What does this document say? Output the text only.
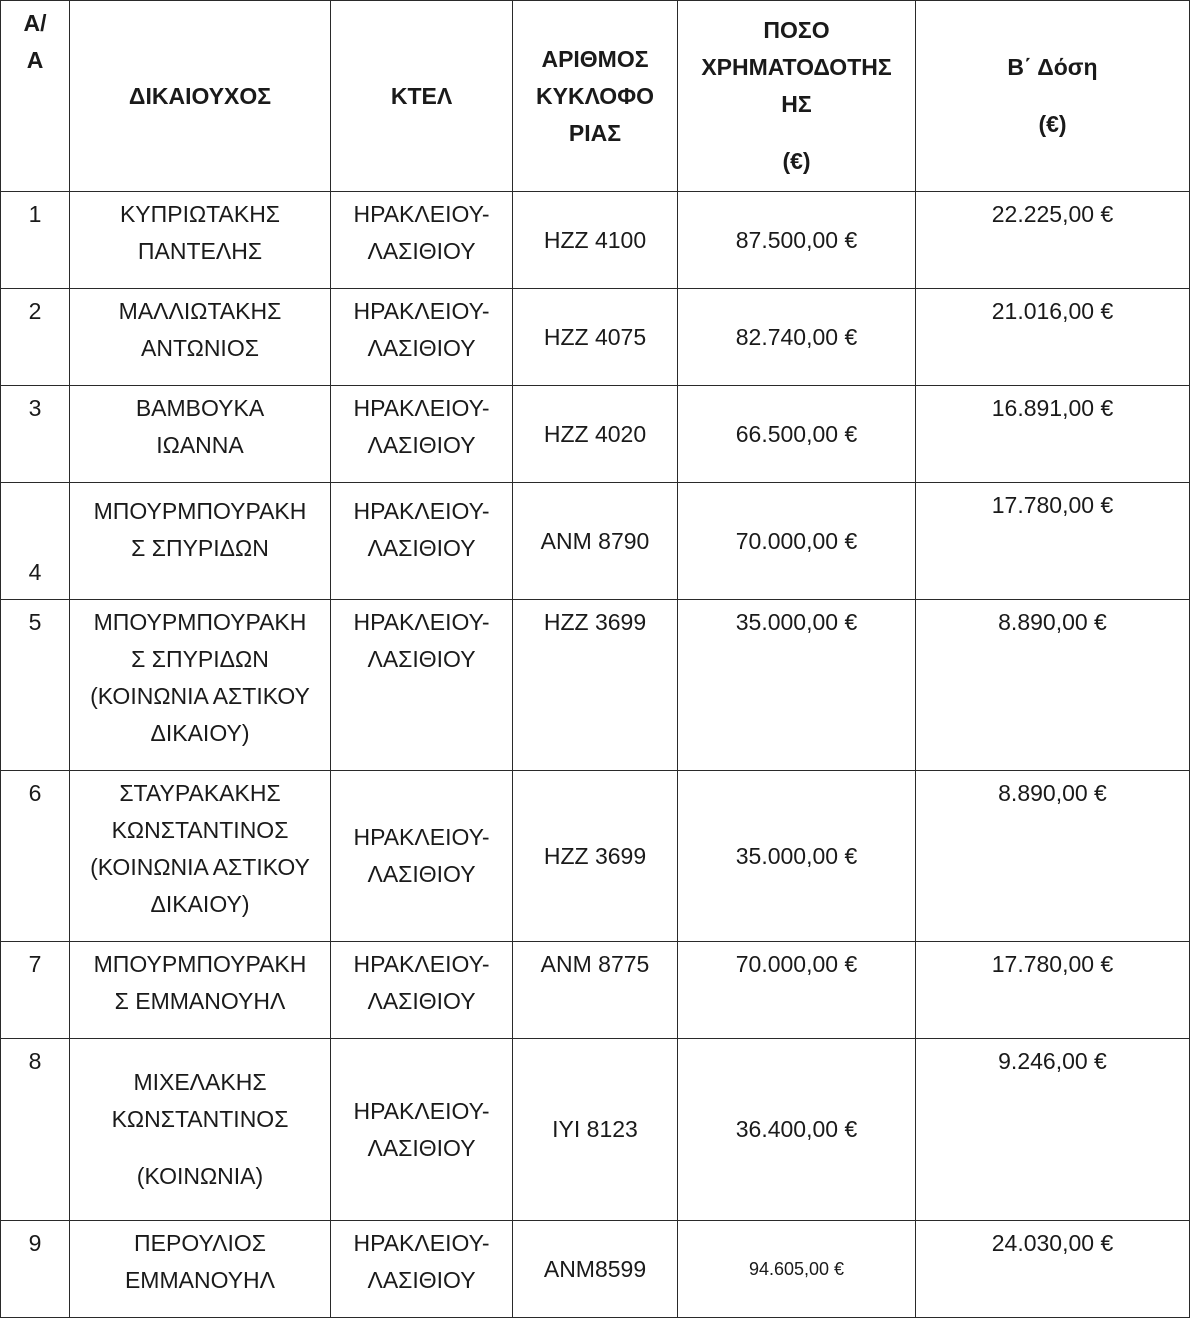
Α/
Α	ΔΙΚΑΙΟΥΧΟΣ	ΚΤΕΛ	ΑΡΙΘΜΟΣ
ΚΥΚΛΟΦΟ
ΡΙΑΣ	ΠΟΣΟ
ΧΡΗΜΑΤΟΔΟΤΗΣ
ΗΣ
(€)	Β΄ Δόση
(€)

1	ΚΥΠΡΙΩΤΑΚΗΣ
ΠΑΝΤΕΛΗΣ	ΗΡΑΚΛΕΙΟΥ-
ΛΑΣΙΘΙΟΥ	ΗΖΖ 4100	87.500,00 €	22.225,00 €
2	ΜΑΛΛΙΩΤΑΚΗΣ
ΑΝΤΩΝΙΟΣ	ΗΡΑΚΛΕΙΟΥ-
ΛΑΣΙΘΙΟΥ	ΗΖΖ 4075	82.740,00 €	21.016,00 €
3	ΒΑΜΒΟΥΚΑ
ΙΩΑΝΝΑ	ΗΡΑΚΛΕΙΟΥ-
ΛΑΣΙΘΙΟΥ	ΗΖΖ 4020	66.500,00 €	16.891,00 €
4	ΜΠΟΥΡΜΠΟΥΡΑΚΗ
Σ ΣΠΥΡΙΔΩΝ	ΗΡΑΚΛΕΙΟΥ-
ΛΑΣΙΘΙΟΥ	ΑΝΜ 8790	70.000,00 €	17.780,00 €
5	ΜΠΟΥΡΜΠΟΥΡΑΚΗ
Σ ΣΠΥΡΙΔΩΝ
(ΚΟΙΝΩΝΙΑ ΑΣΤΙΚΟΥ
ΔΙΚΑΙΟΥ)	ΗΡΑΚΛΕΙΟΥ-
ΛΑΣΙΘΙΟΥ	ΗΖΖ 3699	35.000,00 €	8.890,00 €
6	ΣΤΑΥΡΑΚΑΚΗΣ
ΚΩΝΣΤΑΝΤΙΝΟΣ
(ΚΟΙΝΩΝΙΑ ΑΣΤΙΚΟΥ
ΔΙΚΑΙΟΥ)	ΗΡΑΚΛΕΙΟΥ-
ΛΑΣΙΘΙΟΥ	ΗΖΖ 3699	35.000,00 €	8.890,00 €
7	ΜΠΟΥΡΜΠΟΥΡΑΚΗ
Σ ΕΜΜΑΝΟΥΗΛ	ΗΡΑΚΛΕΙΟΥ-
ΛΑΣΙΘΙΟΥ	ΑΝΜ 8775	70.000,00 €	17.780,00 €
8	ΜΙΧΕΛΑΚΗΣ
ΚΩΝΣΤΑΝΤΙΝΟΣ
(ΚΟΙΝΩΝΙΑ)	ΗΡΑΚΛΕΙΟΥ-
ΛΑΣΙΘΙΟΥ	ΙΥΙ 8123	36.400,00 €	9.246,00 €
9	ΠΕΡΟΥΛΙΟΣ
ΕΜΜΑΝΟΥΗΛ	ΗΡΑΚΛΕΙΟΥ-
ΛΑΣΙΘΙΟΥ	ΑΝΜ8599	94.605,00 €	24.030,00 €
